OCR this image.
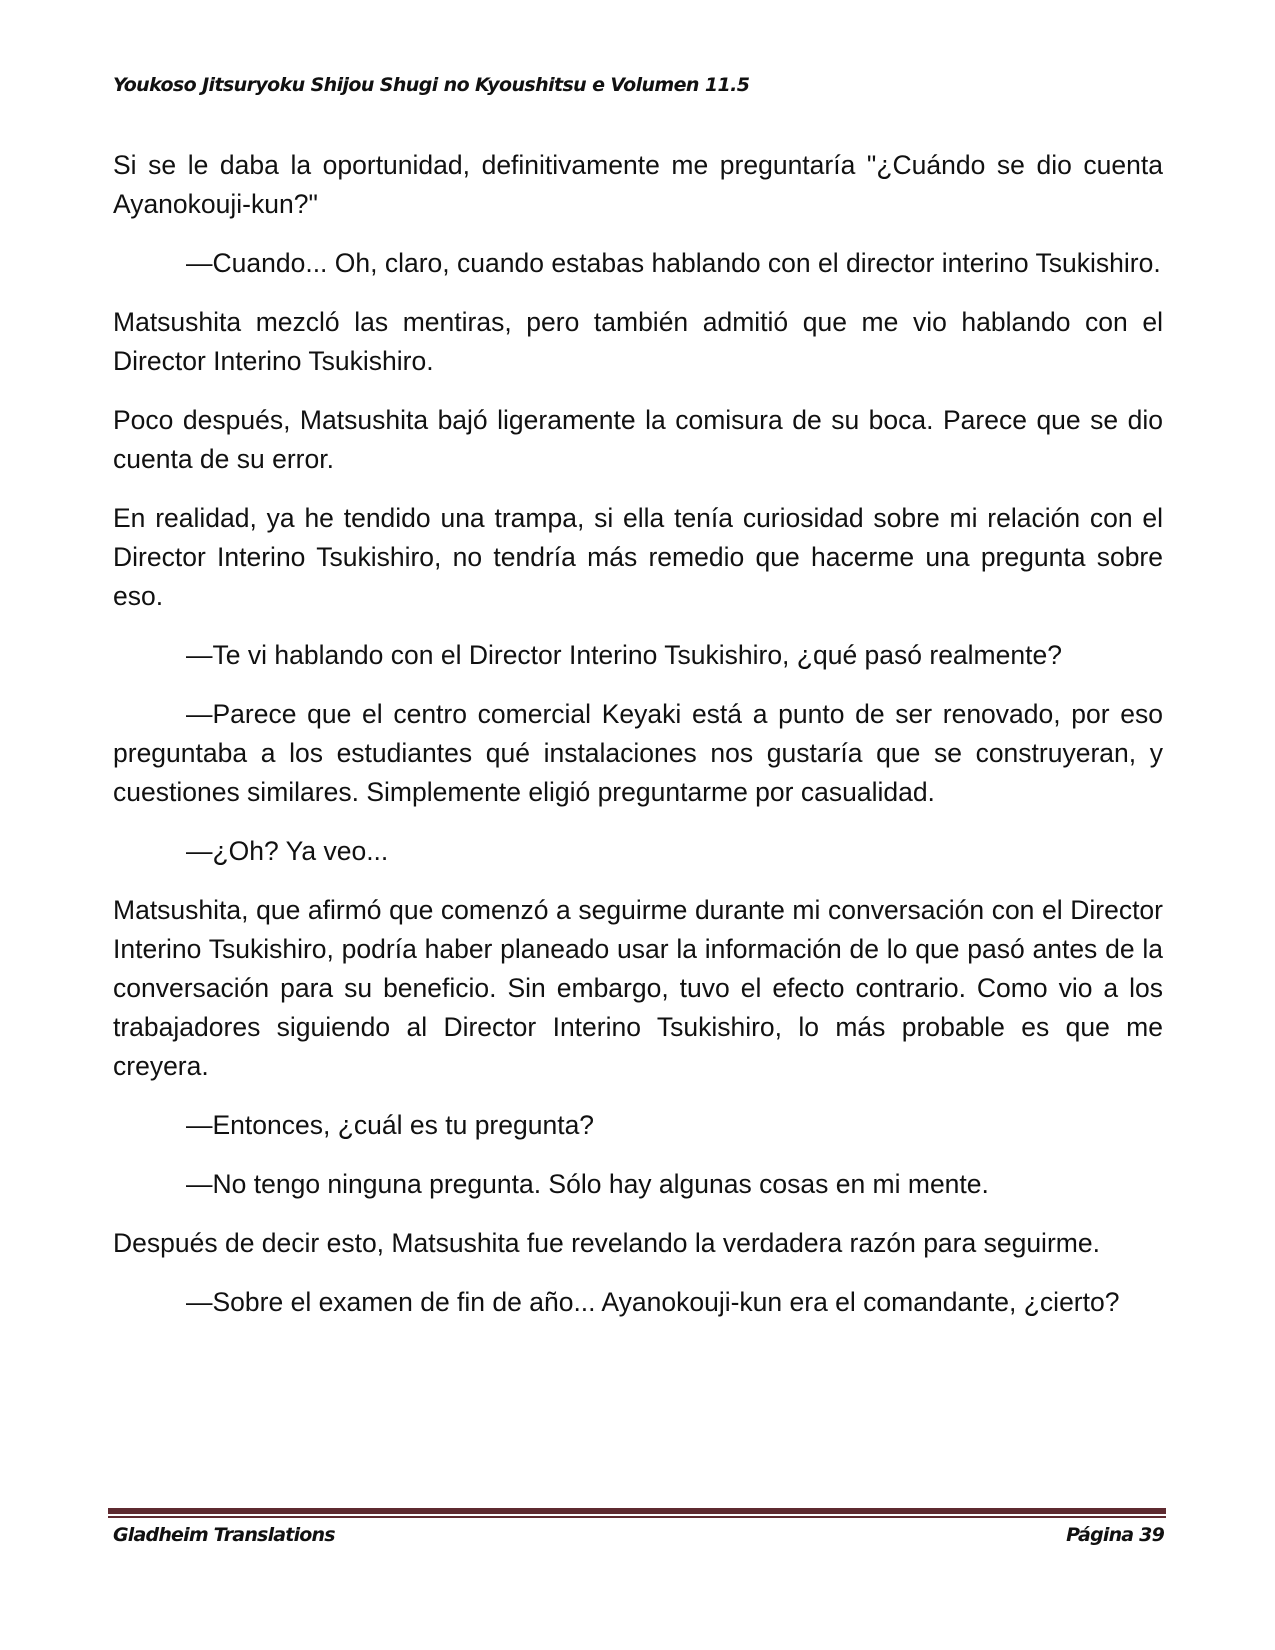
Youkoso Jitsuryoku Shijou Shugi no Kyoushitsu e Volumen 11.5

Si se le daba la oportunidad, definitivamente me preguntaría "¿Cuándo se dio cuenta Ayanokouji-kun?"

—Cuando... Oh, claro, cuando estabas hablando con el director interino Tsukishiro.

Matsushita mezcló las mentiras, pero también admitió que me vio hablando con el Director Interino Tsukishiro.

Poco después, Matsushita bajó ligeramente la comisura de su boca. Parece que se dio cuenta de su error.

En realidad, ya he tendido una trampa, si ella tenía curiosidad sobre mi relación con el Director Interino Tsukishiro, no tendría más remedio que hacerme una pregunta sobre eso.

—Te vi hablando con el Director Interino Tsukishiro, ¿qué pasó realmente?

—Parece que el centro comercial Keyaki está a punto de ser renovado, por eso preguntaba a los estudiantes qué instalaciones nos gustaría que se construyeran, y cuestiones similares. Simplemente eligió preguntarme por casualidad.

—¿Oh? Ya veo...

Matsushita, que afirmó que comenzó a seguirme durante mi conversación con el Director Interino Tsukishiro, podría haber planeado usar la información de lo que pasó antes de la conversación para su beneficio. Sin embargo, tuvo el efecto contrario. Como vio a los trabajadores siguiendo al Director Interino Tsukishiro, lo más probable es que me creyera.

—Entonces, ¿cuál es tu pregunta?

—No tengo ninguna pregunta. Sólo hay algunas cosas en mi mente.

Después de decir esto, Matsushita fue revelando la verdadera razón para seguirme.

—Sobre el examen de fin de año... Ayanokouji-kun era el comandante, ¿cierto?

Gladheim Translations	Página 39
